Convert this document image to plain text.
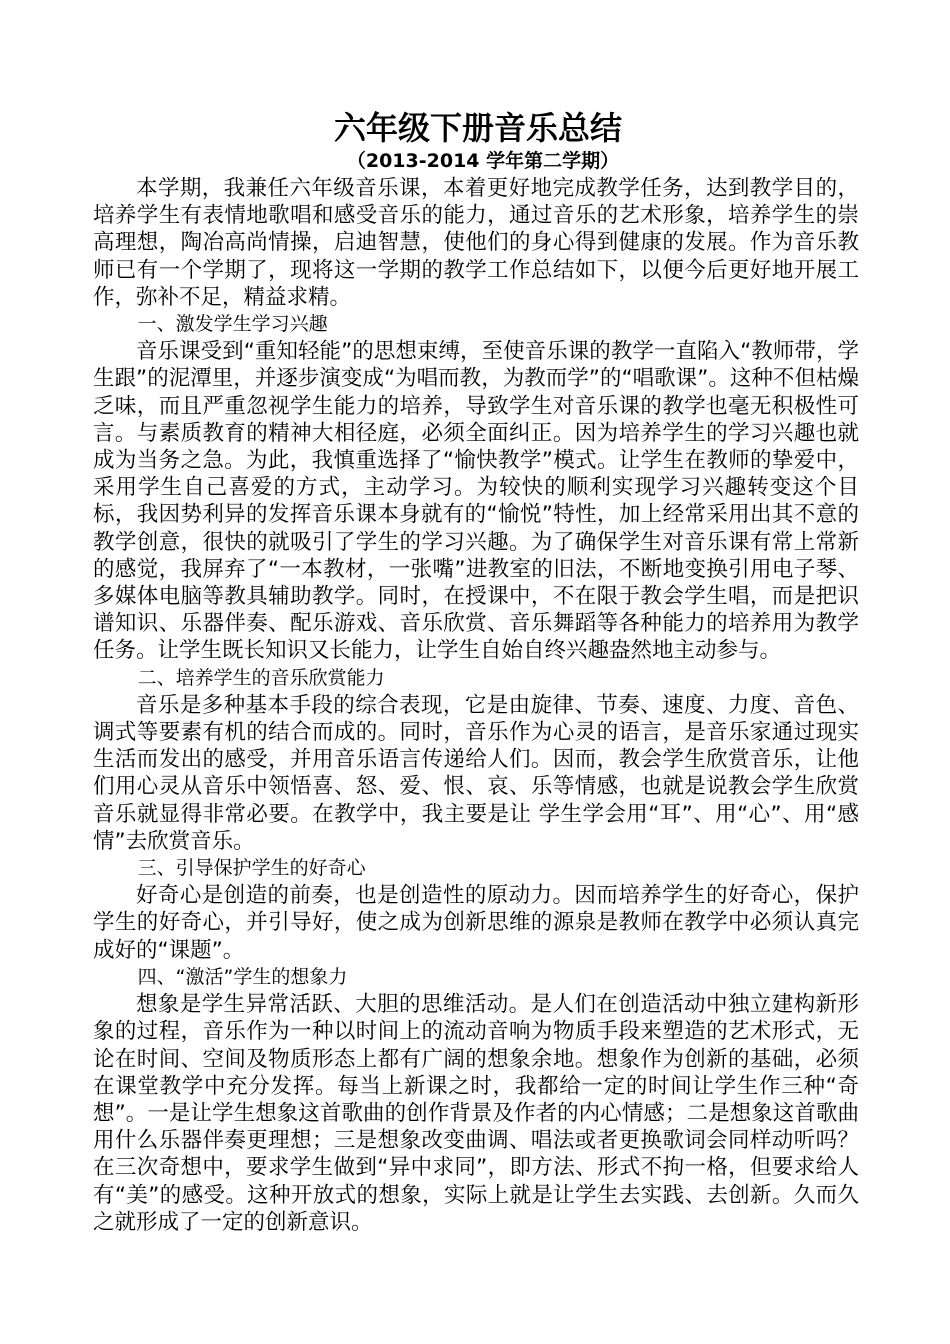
六年级下册音乐总结

（2013-2014 学年第二学期）

本学期，我兼任六年级音乐课，本着更好地完成教学任务，达到教学目的，培养学生有表情地歌唱和感受音乐的能力，通过音乐的艺术形象，培养学生的崇高理想，陶冶高尚情操，启迪智慧，使他们的身心得到健康的发展。作为音乐教师已有一个学期了，现将这一学期的教学工作总结如下，以便今后更好地开展工作，弥补不足，精益求精。

一、激发学生学习兴趣

音乐课受到“重知轻能”的思想束缚，至使音乐课的教学一直陷入“教师带，学生跟”的泥潭里，并逐步演变成“为唱而教，为教而学”的“唱歌课”。这种不但枯燥乏味，而且严重忽视学生能力的培养，导致学生对音乐课的教学也毫无积极性可言。与素质教育的精神大相径庭，必须全面纠正。因为培养学生的学习兴趣也就成为当务之急。为此，我慎重选择了“愉快教学”模式。让学生在教师的挚爱中，采用学生自己喜爱的方式，主动学习。为较快的顺利实现学习兴趣转变这个目标，我因势利异的发挥音乐课本身就有的“愉悦”特性，加上经常采用出其不意的教学创意，很快的就吸引了学生的学习兴趣。为了确保学生对音乐课有常上常新的感觉，我屏弃了“一本教材，一张嘴”进教室的旧法，不断地变换引用电子琴、多媒体电脑等教具辅助教学。同时，在授课中，不在限于教会学生唱，而是把识谱知识、乐器伴奏、配乐游戏、音乐欣赏、音乐舞蹈等各种能力的培养用为教学任务。让学生既长知识又长能力，让学生自始自终兴趣盎然地主动参与。

二、培养学生的音乐欣赏能力

音乐是多种基本手段的综合表现，它是由旋律、节奏、速度、力度、音色、调式等要素有机的结合而成的。同时，音乐作为心灵的语言，是音乐家通过现实生活而发出的感受，并用音乐语言传递给人们。因而，教会学生欣赏音乐，让他们用心灵从音乐中领悟喜、怒、爱、恨、哀、乐等情感，也就是说教会学生欣赏音乐就显得非常必要。在教学中，我主要是让 学生学会用“耳”、用“心”、用“感情”去欣赏音乐。

三、引导保护学生的好奇心

好奇心是创造的前奏，也是创造性的原动力。因而培养学生的好奇心，保护学生的好奇心，并引导好，使之成为创新思维的源泉是教师在教学中必须认真完成好的“课题”。

四、“激活”学生的想象力

想象是学生异常活跃、大胆的思维活动。是人们在创造活动中独立建构新形象的过程，音乐作为一种以时间上的流动音响为物质手段来塑造的艺术形式，无论在时间、空间及物质形态上都有广阔的想象余地。想象作为创新的基础，必须在课堂教学中充分发挥。每当上新课之时，我都给一定的时间让学生作三种“奇想”。一是让学生想象这首歌曲的创作背景及作者的内心情感；二是想象这首歌曲用什么乐器伴奏更理想；三是想象改变曲调、唱法或者更换歌词会同样动听吗？在三次奇想中，要求学生做到“异中求同”，即方法、形式不拘一格，但要求给人有“美”的感受。这种开放式的想象，实际上就是让学生去实践、去创新。久而久之就形成了一定的创新意识。
